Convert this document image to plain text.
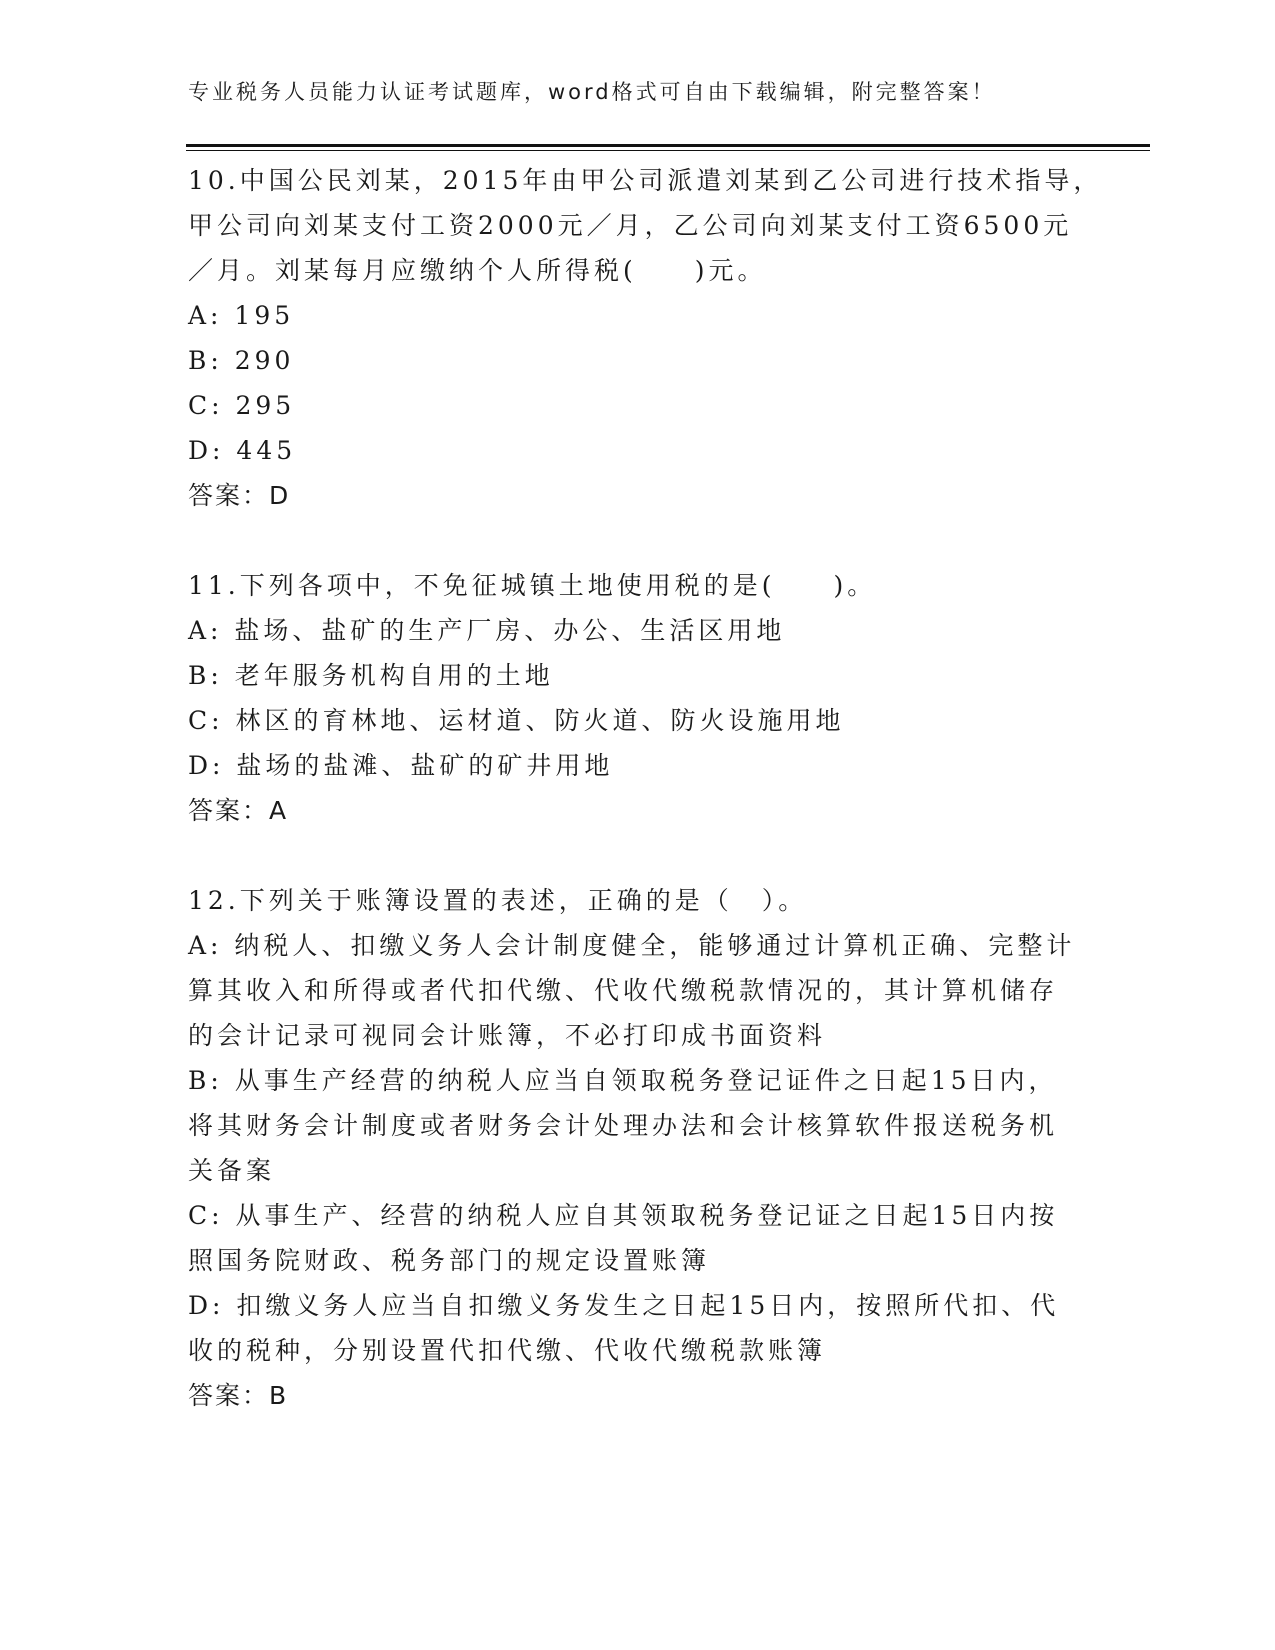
专业税务人员能力认证考试题库，word格式可自由下载编辑，附完整答案！
10.中国公民刘某，2015年由甲公司派遣刘某到乙公司进行技术指导，
甲公司向刘某支付工资2000元／月，乙公司向刘某支付工资6500元
／月。刘某每月应缴纳个人所得税(　　)元。
A: 195
B: 290
C: 295
D: 445
答案：D
11.下列各项中，不免征城镇土地使用税的是(　　)。
A: 盐场、盐矿的生产厂房、办公、生活区用地
B: 老年服务机构自用的土地
C: 林区的育林地、运材道、防火道、防火设施用地
D: 盐场的盐滩、盐矿的矿井用地
答案：A
12.下列关于账簿设置的表述，正确的是（　）。
A: 纳税人、扣缴义务人会计制度健全，能够通过计算机正确、完整计
算其收入和所得或者代扣代缴、代收代缴税款情况的，其计算机储存
的会计记录可视同会计账簿，不必打印成书面资料
B: 从事生产经营的纳税人应当自领取税务登记证件之日起15日内，
将其财务会计制度或者财务会计处理办法和会计核算软件报送税务机
关备案
C: 从事生产、经营的纳税人应自其领取税务登记证之日起15日内按
照国务院财政、税务部门的规定设置账簿
D: 扣缴义务人应当自扣缴义务发生之日起15日内，按照所代扣、代
收的税种，分别设置代扣代缴、代收代缴税款账簿
答案：B
